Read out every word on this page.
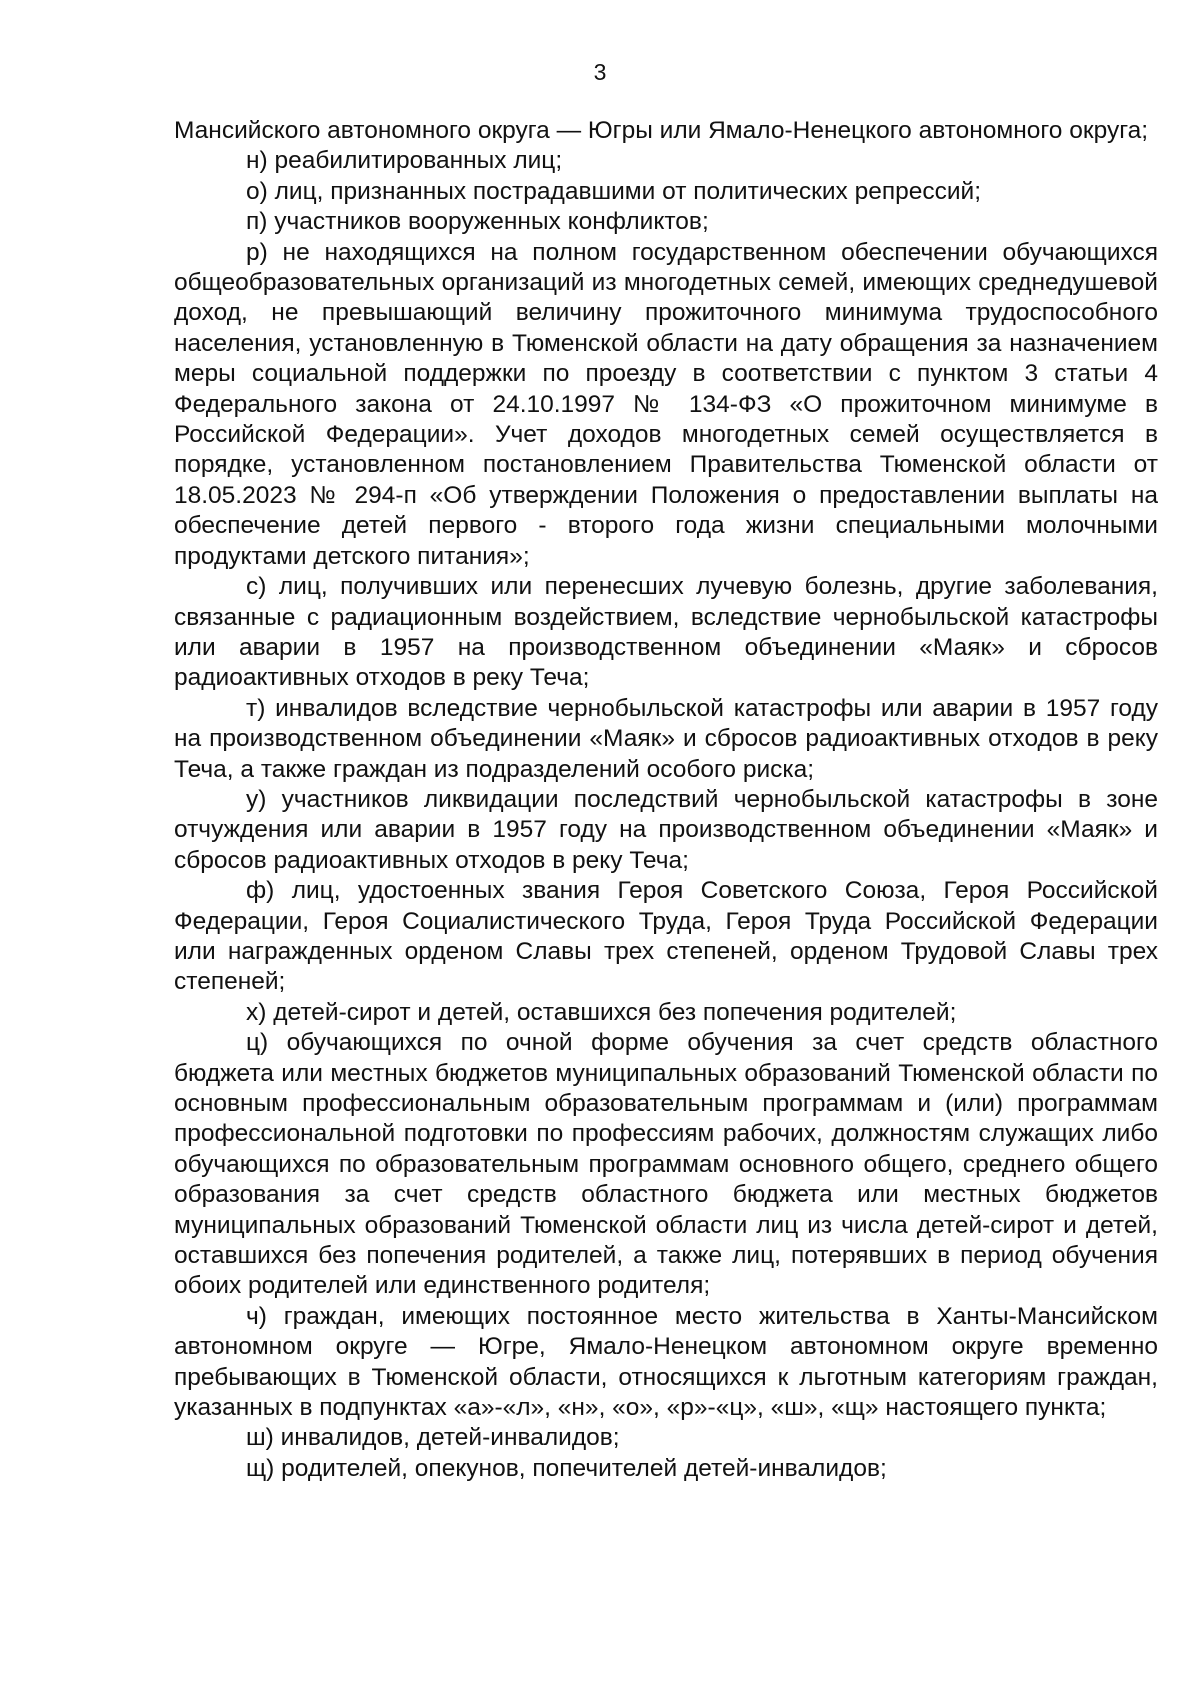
3

Мансийского автономного округа — Югры или Ямало-Ненецкого автономного округа;

н) реабилитированных лиц;

о) лиц, признанных пострадавшими от политических репрессий;

п) участников вооруженных конфликтов;

р) не находящихся на полном государственном обеспечении обучающихся общеобразовательных организаций из многодетных семей, имеющих среднедушевой доход, не превышающий величину прожиточного минимума трудоспособного населения, установленную в Тюменской области на дату обращения за назначением меры социальной поддержки по проезду в соответствии с пунктом 3 статьи 4 Федерального закона от 24.10.1997 № 134-ФЗ «О прожиточном минимуме в Российской Федерации». Учет доходов многодетных семей осуществляется в порядке, установленном постановлением Правительства Тюменской области от 18.05.2023 № 294-п «Об утверждении Положения о предоставлении выплаты на обеспечение детей первого - второго года жизни специальными молочными продуктами детского питания»;

с) лиц, получивших или перенесших лучевую болезнь, другие заболевания, связанные с радиационным воздействием, вследствие чернобыльской катастрофы или аварии в 1957 на производственном объединении «Маяк» и сбросов радиоактивных отходов в реку Теча;

т) инвалидов вследствие чернобыльской катастрофы или аварии в 1957 году на производственном объединении «Маяк» и сбросов радиоактивных отходов в реку Теча, а также граждан из подразделений особого риска;

у) участников ликвидации последствий чернобыльской катастрофы в зоне отчуждения или аварии в 1957 году на производственном объединении «Маяк» и сбросов радиоактивных отходов в реку Теча;

ф) лиц, удостоенных звания Героя Советского Союза, Героя Российской Федерации, Героя Социалистического Труда, Героя Труда Российской Федерации или награжденных орденом Славы трех степеней, орденом Трудовой Славы трех степеней;

х) детей-сирот и детей, оставшихся без попечения родителей;

ц) обучающихся по очной форме обучения за счет средств областного бюджета или местных бюджетов муниципальных образований Тюменской области по основным профессиональным образовательным программам и (или) программам профессиональной подготовки по профессиям рабочих, должностям служащих либо обучающихся по образовательным программам основного общего, среднего общего образования за счет средств областного бюджета или местных бюджетов муниципальных образований Тюменской области лиц из числа детей-сирот и детей, оставшихся без попечения родителей, а также лиц, потерявших в период обучения обоих родителей или единственного родителя;

ч) граждан, имеющих постоянное место жительства в Ханты-Мансийском автономном округе — Югре, Ямало-Ненецком автономном округе временно пребывающих в Тюменской области, относящихся к льготным категориям граждан, указанных в подпунктах «а»-«л», «н», «о», «р»-«ц», «ш», «щ» настоящего пункта;

ш) инвалидов, детей-инвалидов;

щ) родителей, опекунов, попечителей детей-инвалидов;
